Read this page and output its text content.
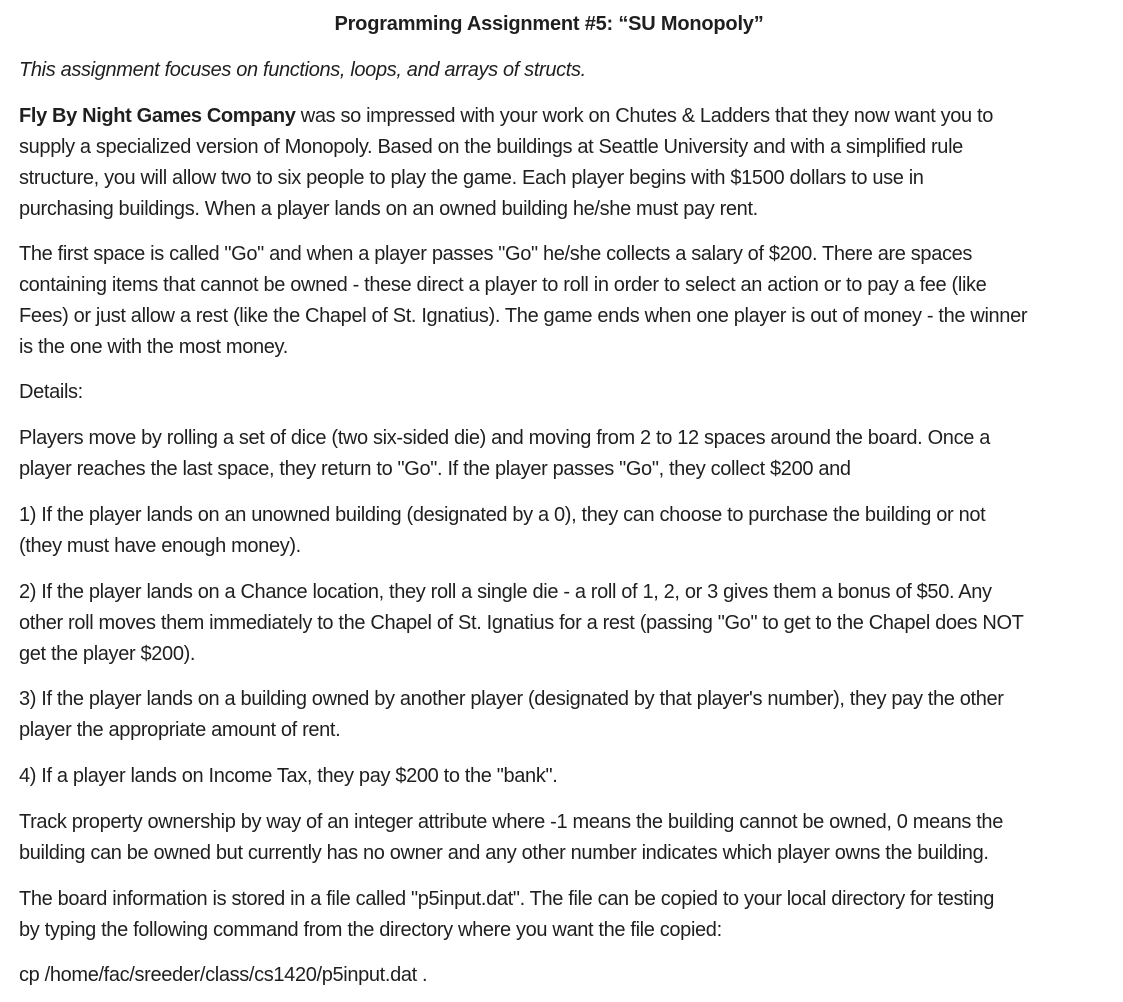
Programming Assignment #5: “SU Monopoly”

This assignment focuses on functions, loops, and arrays of structs.

Fly By Night Games Company was so impressed with your work on Chutes & Ladders that they now want you to
supply a specialized version of Monopoly. Based on the buildings at Seattle University and with a simplified rule
structure, you will allow two to six people to play the game. Each player begins with $1500 dollars to use in
purchasing buildings. When a player lands on an owned building he/she must pay rent.

The first space is called "Go" and when a player passes "Go" he/she collects a salary of $200. There are spaces
containing items that cannot be owned - these direct a player to roll in order to select an action or to pay a fee (like
Fees) or just allow a rest (like the Chapel of St. Ignatius). The game ends when one player is out of money - the winner
is the one with the most money.

Details:

Players move by rolling a set of dice (two six-sided die) and moving from 2 to 12 spaces around the board. Once a
player reaches the last space, they return to "Go". If the player passes "Go", they collect $200 and

1) If the player lands on an unowned building (designated by a 0), they can choose to purchase the building or not
(they must have enough money).

2) If the player lands on a Chance location, they roll a single die - a roll of 1, 2, or 3 gives them a bonus of $50. Any
other roll moves them immediately to the Chapel of St. Ignatius for a rest (passing "Go" to get to the Chapel does NOT
get the player $200).

3) If the player lands on a building owned by another player (designated by that player's number), they pay the other
player the appropriate amount of rent.

4) If a player lands on Income Tax, they pay $200 to the "bank".

Track property ownership by way of an integer attribute where -1 means the building cannot be owned, 0 means the
building can be owned but currently has no owner and any other number indicates which player owns the building.

The board information is stored in a file called "p5input.dat". The file can be copied to your local directory for testing
by typing the following command from the directory where you want the file copied:

cp /home/fac/sreeder/class/cs1420/p5input.dat .
